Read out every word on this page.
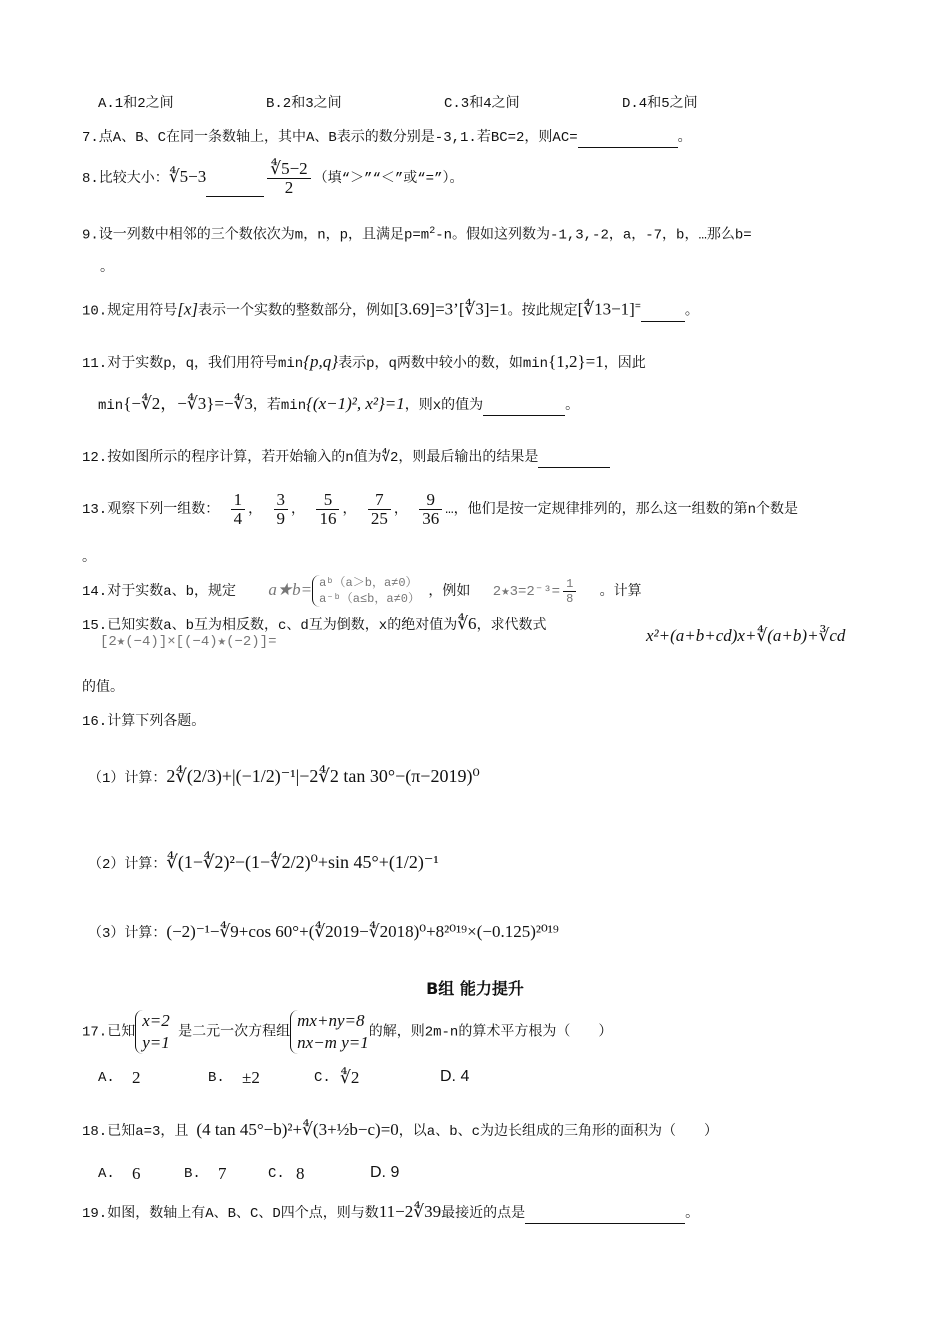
A.1和2之间	B.2和3之间	C.3和4之间	D.4和5之间
7.点A、B、C在同一条数轴上，其中A、B表示的数分别是-3,1.若BC=2，则AC=	。
8.比较大小：∜5−3	$\frac{∜5-2}{2}$ （填“＞”“＜”或“=”）。
9.设一列数中相邻的三个数依次为m，n，p，且满足$p=m^2-n$。假如这列数为-1,3,-2，a，-7，b，…那么b=
。
10.规定用符号[x]表示一个实数的整数部分，例如[3.69]=3’[∜3]=1。按此规定[∜13−1]=	。
11.对于实数p，q，我们用符号min{p,q}表示p，q两数中较小的数，如min{1,2}=1，因此
min{−∜2，−∜3}=−∜3，若min{(x−1)², x²}=1，则x的值为	。
12.按如图所示的程序计算，若开始输入的n值为∜2，则最后输出的结果是
13.观察下列一组数： $\frac{1}{4}$ ， $\frac{3}{9}$ ， $\frac{5}{16}$ ， $\frac{7}{25}$ ， $\frac{9}{36}$ …，他们是按一定规律排列的，那么这一组数的第n个数是
。
14.对于实数a、b，规定 a★b= aᵇ（a＞b，a≠0）
a⁻ᵇ（a≤b，a≠0） ，例如 2★3=2⁻³= $\frac{1}{8}$ 。计算
[2★(−4)]×[(−4)★(−2)]=
15.已知实数a、b互为相反数，c、d互为倒数，x的绝对值为∜6，求代数式	x²+(a+b+cd)x+∜(a+b)+∛cd
的值。
16.计算下列各题。
（1）计算：2∜(2/3)+|(−1/2)⁻¹|−2∜2 tan 30°−(π−2019)⁰
（2）计算：∜(1−∜2)²−(1−∜2/2)⁰+sin 45°+(1/2)⁻¹
（3）计算：(−2)⁻¹−∜9+cos 60°+(∜2019−∜2018)⁰+8²⁰¹⁹×(−0.125)²⁰¹⁹
B组 能力提升
17.已知
x=2
y=1
是二元一次方程组
mx+ny=8
nx−m y=1
的解，则2m-n的算术平方根为（　　）
A. 2	B. ±2	C. ∜2	D. 4
18.已知a=3，且 (4 tan 45°−b)²+∜(3+½b−c)=0，以a、b、c为边长组成的三角形的面积为（　　）
A. 6	B. 7	C. 8	D. 9
19.如图，数轴上有A、B、C、D四个点，则与数11−2∜39最接近的点是	。
